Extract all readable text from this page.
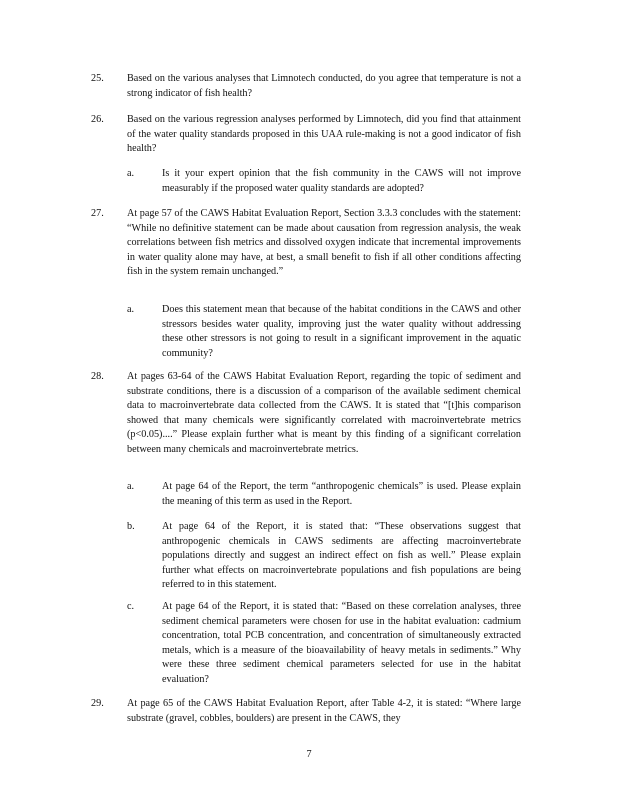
25. Based on the various analyses that Limnotech conducted, do you agree that temperature is not a strong indicator of fish health?
26. Based on the various regression analyses performed by Limnotech, did you find that attainment of the water quality standards proposed in this UAA rule-making is not a good indicator of fish health?
a.	Is it your expert opinion that the fish community in the CAWS will not improve measurably if the proposed water quality standards are adopted?
27. At page 57 of the CAWS Habitat Evaluation Report, Section 3.3.3 concludes with the statement: “While no definitive statement can be made about causation from regression analysis, the weak correlations between fish metrics and dissolved oxygen indicate that incremental improvements in water quality alone may have, at best, a small benefit to fish if all other conditions affecting fish in the system remain unchanged.”
a.	Does this statement mean that because of the habitat conditions in the CAWS and other stressors besides water quality, improving just the water quality without addressing these other stressors is not going to result in a significant improvement in the aquatic community?
28. At pages 63-64 of the CAWS Habitat Evaluation Report, regarding the topic of sediment and substrate conditions, there is a discussion of a comparison of the available sediment chemical data to macroinvertebrate data collected from the CAWS. It is stated that “[t]his comparison showed that many chemicals were significantly correlated with macroinvertebrate metrics (p<0.05)....” Please explain further what is meant by this finding of a significant correlation between many chemicals and macroinvertebrate metrics.
a.	At page 64 of the Report, the term “anthropogenic chemicals” is used. Please explain the meaning of this term as used in the Report.
b.	At page 64 of the Report, it is stated that: “These observations suggest that anthropogenic chemicals in CAWS sediments are affecting macroinvertebrate populations directly and suggest an indirect effect on fish as well.” Please explain further what effects on macroinvertebrate populations and fish populations are being referred to in this statement.
c.	At page 64 of the Report, it is stated that: “Based on these correlation analyses, three sediment chemical parameters were chosen for use in the habitat evaluation: cadmium concentration, total PCB concentration, and concentration of simultaneously extracted metals, which is a measure of the bioavailability of heavy metals in sediments.” Why were these three sediment chemical parameters selected for use in the habitat evaluation?
29. At page 65 of the CAWS Habitat Evaluation Report, after Table 4-2, it is stated: “Where large substrate (gravel, cobbles, boulders) are present in the CAWS, they
7
